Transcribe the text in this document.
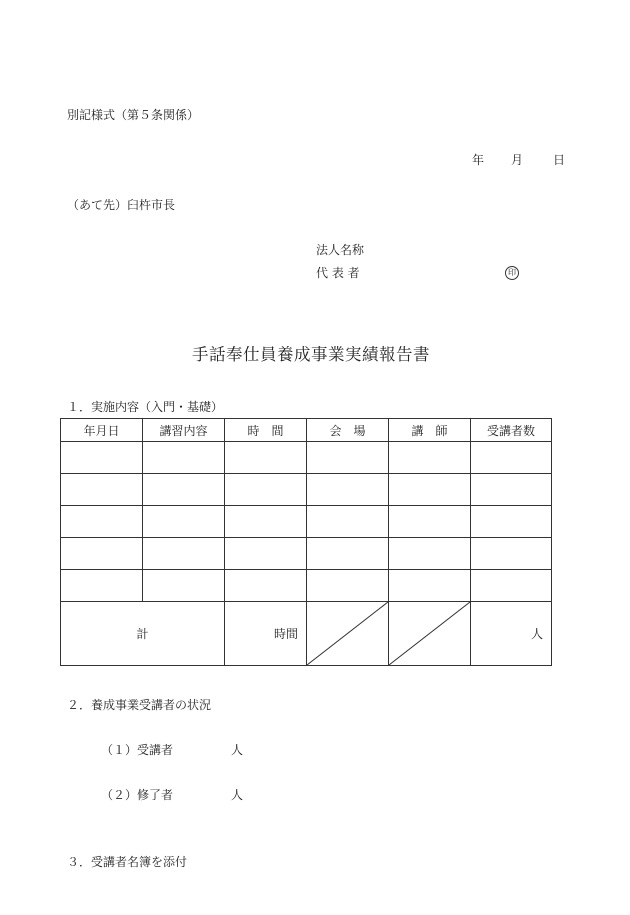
別記様式（第５条関係）
年 月 日
（あて先）臼杵市長
法人名称
代 表 者	印
手話奉仕員養成事業実績報告書
１．実施内容（入門・基礎）
年月日	講習内容	時　間	会　場	講　師	受講者数

計		時間			人
２．養成事業受講者の状況
（１）受講者	人
（２）修了者	人
３．受講者名簿を添付
